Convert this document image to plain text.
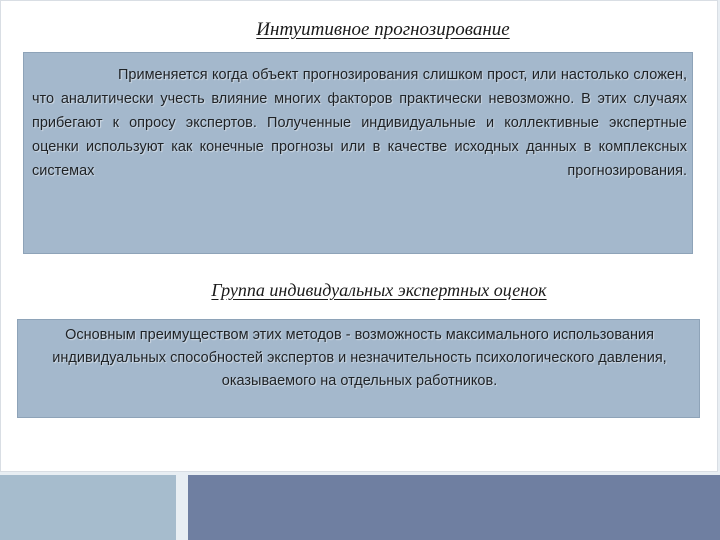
Интуитивное прогнозирование
Применяется когда объект прогнозирования слишком прост, или настолько сложен, что аналитически учесть влияние многих факторов практически невозможно. В этих случаях прибегают к опросу экспертов. Полученные индивидуальные и коллективные экспертные оценки используют как конечные прогнозы или в качестве исходных данных в комплексных системах прогнозирования.
Группа индивидуальных экспертных оценок
Основным преимуществом этих методов - возможность максимального использования индивидуальных способностей экспертов и незначительность психологического давления, оказываемого на отдельных работников.
